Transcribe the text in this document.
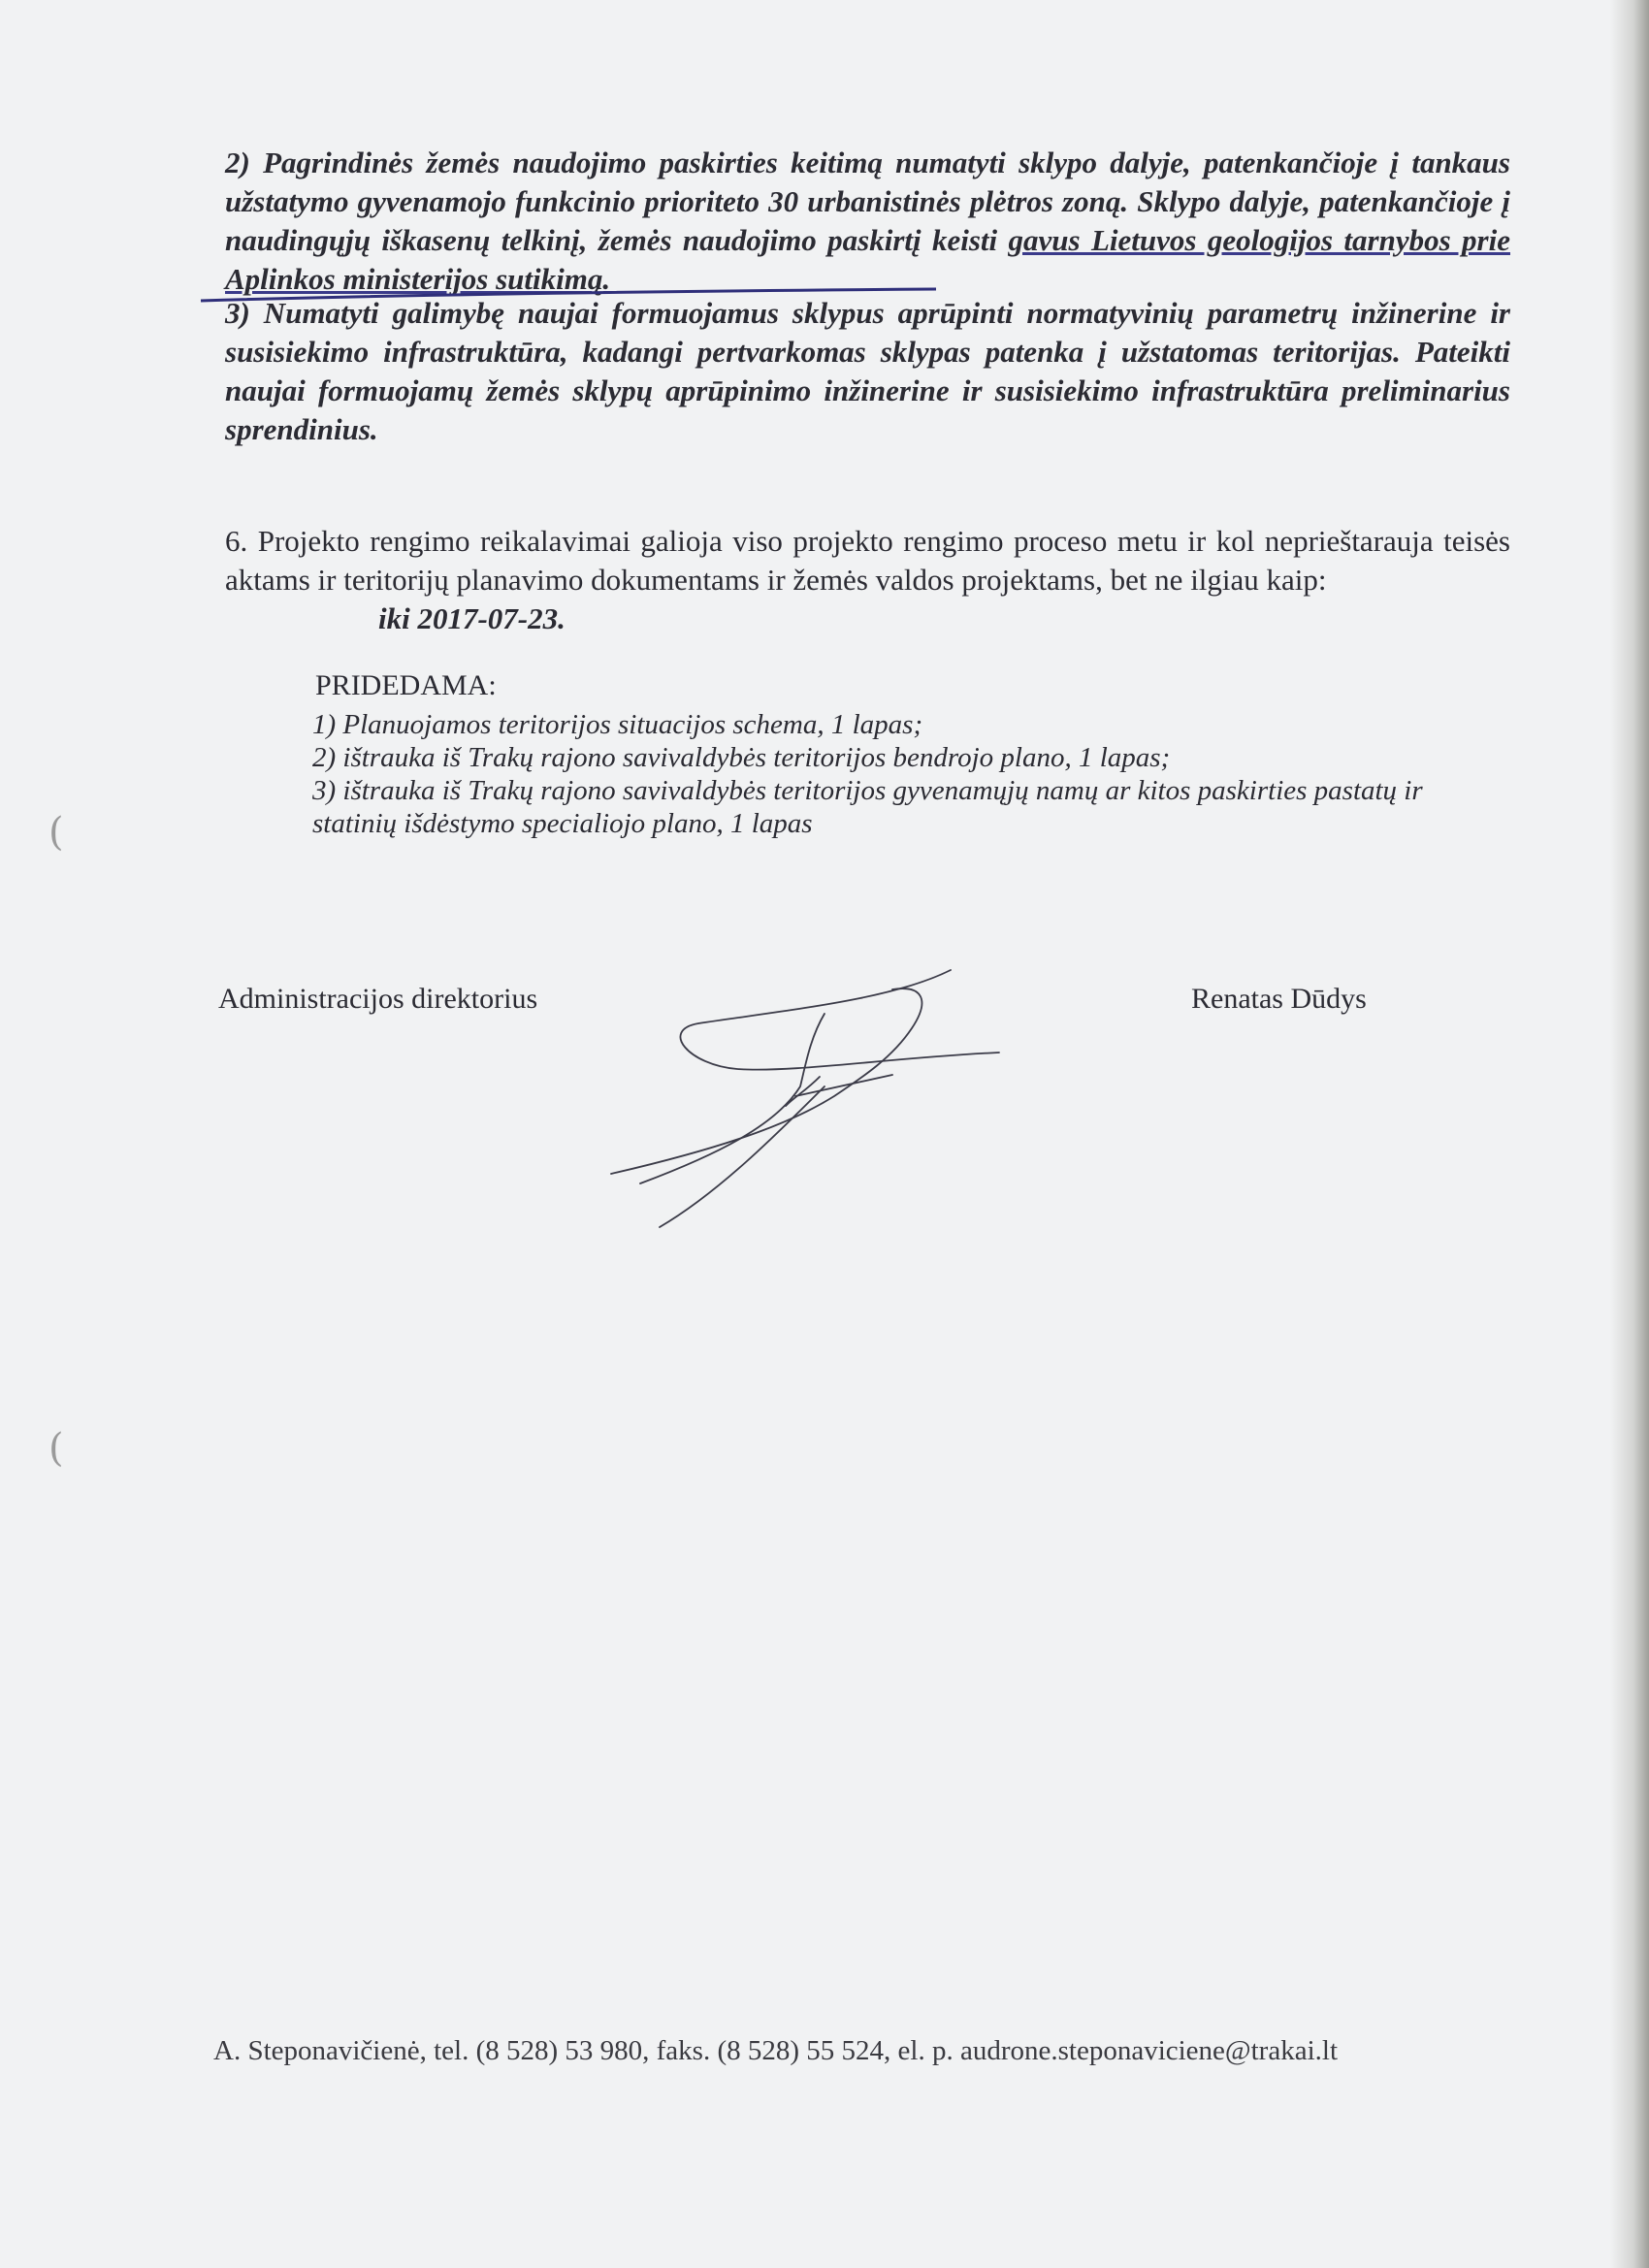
2) Pagrindinės žemės naudojimo paskirties keitimą numatyti sklypo dalyje, patenkančioje į tankaus užstatymo gyvenamojo funkcinio prioriteto 30 urbanistinės plėtros zoną. Sklypo dalyje, patenkančioje į naudingųjų iškasenų telkinį, žemės naudojimo paskirtį keisti gavus Lietuvos geologijos tarnybos prie Aplinkos ministerijos sutikimą.

3) Numatyti galimybę naujai formuojamus sklypus aprūpinti normatyvinių parametrų inžinerine ir susisiekimo infrastruktūra, kadangi pertvarkomas sklypas patenka į užstatomas teritorijas. Pateikti naujai formuojamų žemės sklypų aprūpinimo inžinerine ir susisiekimo infrastruktūra preliminarius sprendinius.

6. Projekto rengimo reikalavimai galioja viso projekto rengimo proceso metu ir kol neprieštarauja teisės aktams ir teritorijų planavimo dokumentams ir žemės valdos projektams, bet ne ilgiau kaip:

iki 2017-07-23.
PRIDEDAMA:
1) Planuojamos teritorijos situacijos schema, 1 lapas;
2) ištrauka iš Trakų rajono savivaldybės teritorijos bendrojo plano, 1 lapas;
3) ištrauka iš Trakų rajono savivaldybės teritorijos gyvenamųjų namų ar kitos paskirties pastatų ir statinių išdėstymo specialiojo plano, 1 lapas
(
(
Administracijos direktorius	Renatas Dūdys
A. Steponavičienė, tel. (8 528) 53 980, faks. (8 528) 55 524, el. p. audrone.steponaviciene@trakai.lt
